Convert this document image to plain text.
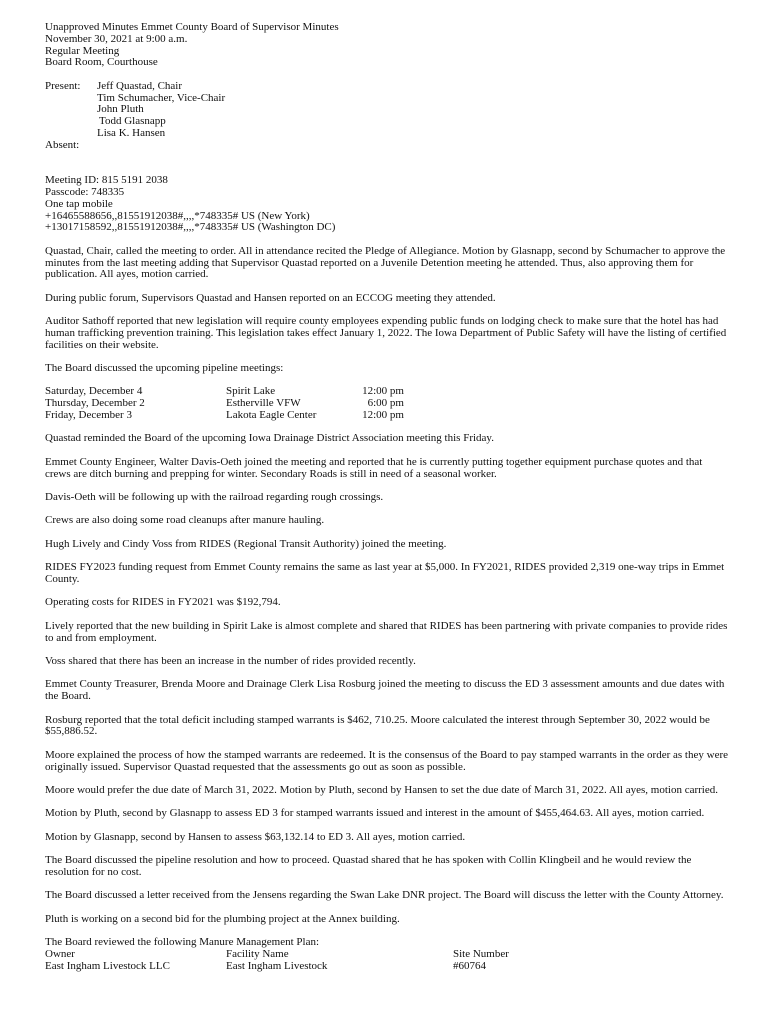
Unapproved Minutes Emmet County Board of Supervisor Minutes
November 30, 2021 at 9:00 a.m.
Regular Meeting
Board Room, Courthouse
Present:	Jeff Quastad, Chair
Tim Schumacher, Vice-Chair
John Pluth
Todd Glasnapp
Lisa K. Hansen
Absent:
Meeting ID: 815 5191 2038
Passcode: 748335
One tap mobile
+16465588656,,81551912038#,,,,*748335# US (New York)
+13017158592,,81551912038#,,,,*748335# US (Washington DC)

Quastad, Chair, called the meeting to order. All in attendance recited the Pledge of Allegiance. Motion by Glasnapp, second by Schumacher to approve the minutes from the last meeting adding that Supervisor Quastad reported on a Juvenile Detention meeting he attended. Thus, also approving them for publication. All ayes, motion carried.

During public forum, Supervisors Quastad and Hansen reported on an ECCOG meeting they attended.

Auditor Sathoff reported that new legislation will require county employees expending public funds on lodging check to make sure that the hotel has had human trafficking prevention training. This legislation takes effect January 1, 2022. The Iowa Department of Public Safety will have the listing of certified facilities on their website.

The Board discussed the upcoming pipeline meetings:

Saturday, December 4	Spirit Lake	12:00 pm
Thursday, December 2	Estherville VFW	6:00 pm
Friday, December 3	Lakota Eagle Center	12:00 pm

Quastad reminded the Board of the upcoming Iowa Drainage District Association meeting this Friday.

Emmet County Engineer, Walter Davis-Oeth joined the meeting and reported that he is currently putting together equipment purchase quotes and that crews are ditch burning and prepping for winter. Secondary Roads is still in need of a seasonal worker.

Davis-Oeth will be following up with the railroad regarding rough crossings.

Crews are also doing some road cleanups after manure hauling.

Hugh Lively and Cindy Voss from RIDES (Regional Transit Authority) joined the meeting.

RIDES FY2023 funding request from Emmet County remains the same as last year at $5,000. In FY2021, RIDES provided 2,319 one-way trips in Emmet County.

Operating costs for RIDES in FY2021 was $192,794.

Lively reported that the new building in Spirit Lake is almost complete and shared that RIDES has been partnering with private companies to provide rides to and from employment.

Voss shared that there has been an increase in the number of rides provided recently.

Emmet County Treasurer, Brenda Moore and Drainage Clerk Lisa Rosburg joined the meeting to discuss the ED 3 assessment amounts and due dates with the Board.

Rosburg reported that the total deficit including stamped warrants is $462, 710.25. Moore calculated the interest through September 30, 2022 would be $55,886.52.

Moore explained the process of how the stamped warrants are redeemed. It is the consensus of the Board to pay stamped warrants in the order as they were originally issued. Supervisor Quastad requested that the assessments go out as soon as possible.

Moore would prefer the due date of March 31, 2022. Motion by Pluth, second by Hansen to set the due date of March 31, 2022. All ayes, motion carried.

Motion by Pluth, second by Glasnapp to assess ED 3 for stamped warrants issued and interest in the amount of $455,464.63. All ayes, motion carried.

Motion by Glasnapp, second by Hansen to assess $63,132.14 to ED 3. All ayes, motion carried.

The Board discussed the pipeline resolution and how to proceed. Quastad shared that he has spoken with Collin Klingbeil and he would review the resolution for no cost.

The Board discussed a letter received from the Jensens regarding the Swan Lake DNR project. The Board will discuss the letter with the County Attorney.

Pluth is working on a second bid for the plumbing project at the Annex building.

The Board reviewed the following Manure Management Plan:
Owner	Facility Name	Site Number
East Ingham Livestock LLC	East Ingham Livestock	#60764
